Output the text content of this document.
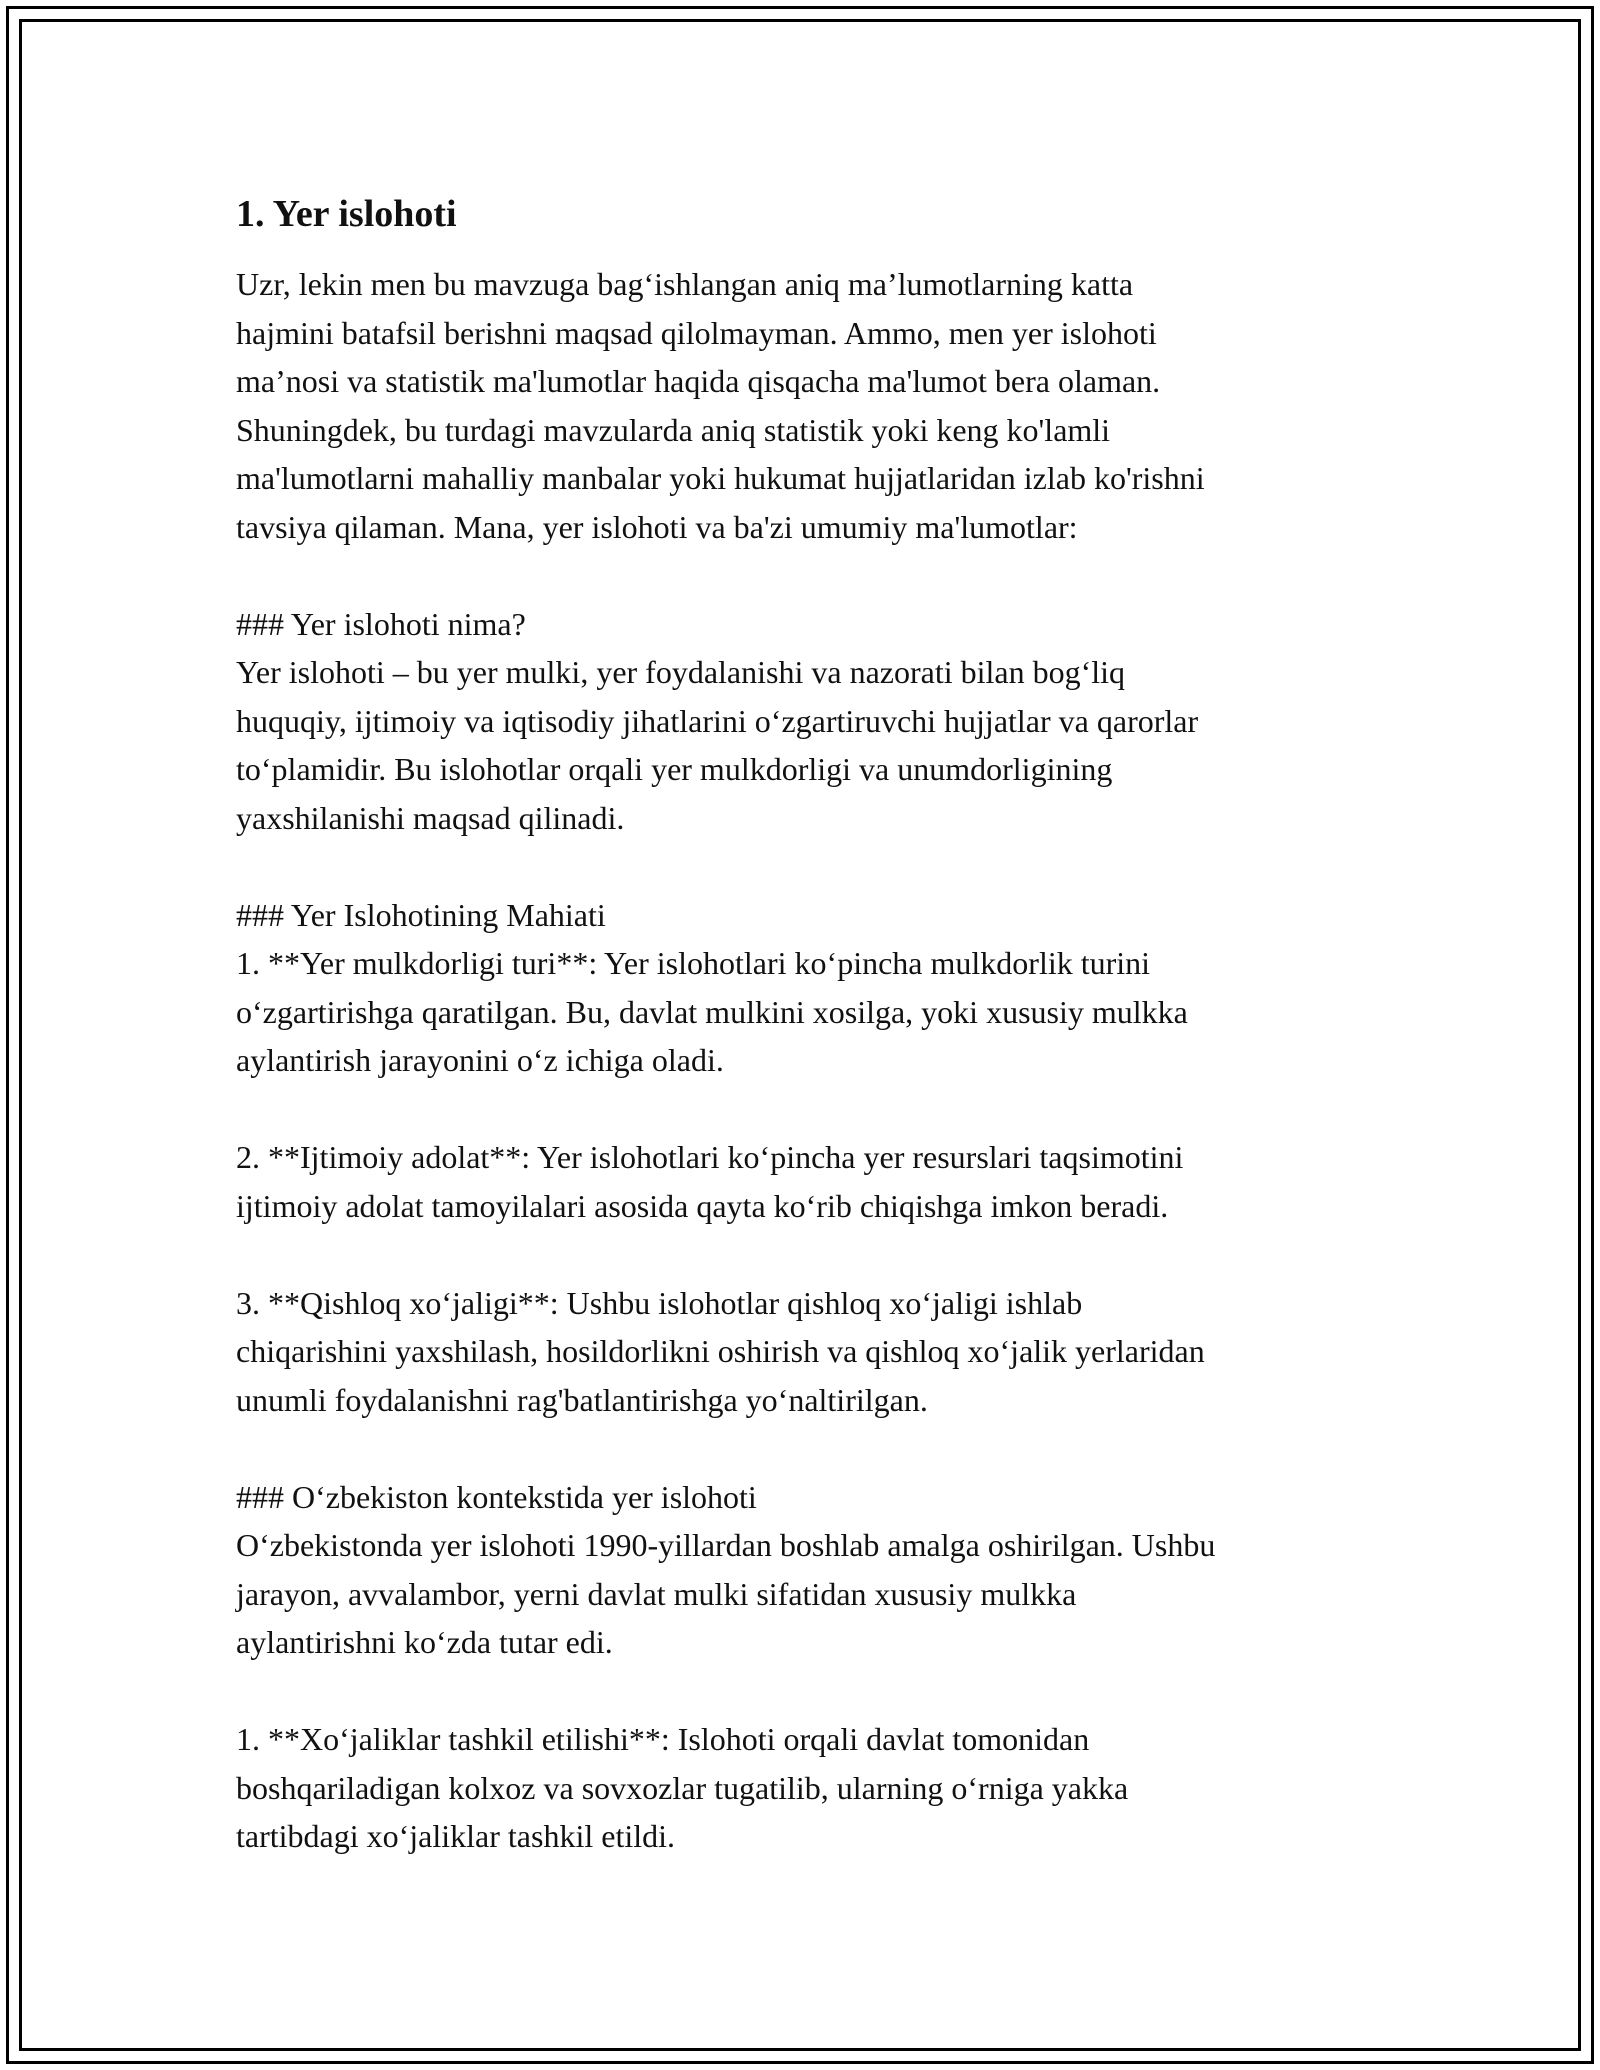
1. Yer islohoti

Uzr, lekin men bu mavzuga bag‘ishlangan aniq ma’lumotlarning katta
hajmini batafsil berishni maqsad qilolmayman. Ammo, men yer islohoti
ma’nosi va statistik ma'lumotlar haqida qisqacha ma'lumot bera olaman.
Shuningdek, bu turdagi mavzularda aniq statistik yoki keng ko'lamli
ma'lumotlarni mahalliy manbalar yoki hukumat hujjatlaridan izlab ko'rishni
tavsiya qilaman. Mana, yer islohoti va ba'zi umumiy ma'lumotlar:
### Yer islohoti nima?
Yer islohoti – bu yer mulki, yer foydalanishi va nazorati bilan bog‘liq
huquqiy, ijtimoiy va iqtisodiy jihatlarini o‘zgartiruvchi hujjatlar va qarorlar
to‘plamidir. Bu islohotlar orqali yer mulkdorligi va unumdorligining
yaxshilanishi maqsad qilinadi.
### Yer Islohotining Mahiati
1. **Yer mulkdorligi turi**: Yer islohotlari ko‘pincha mulkdorlik turini
o‘zgartirishga qaratilgan. Bu, davlat mulkini xosilga, yoki xususiy mulkka
aylantirish jarayonini o‘z ichiga oladi.
2. **Ijtimoiy adolat**: Yer islohotlari ko‘pincha yer resurslari taqsimotini
ijtimoiy adolat tamoyilalari asosida qayta ko‘rib chiqishga imkon beradi.
3. **Qishloq xo‘jaligi**: Ushbu islohotlar qishloq xo‘jaligi ishlab
chiqarishini yaxshilash, hosildorlikni oshirish va qishloq xo‘jalik yerlaridan
unumli foydalanishni rag'batlantirishga yo‘naltirilgan.
### O‘zbekiston kontekstida yer islohoti
O‘zbekistonda yer islohoti 1990-yillardan boshlab amalga oshirilgan. Ushbu
jarayon, avvalambor, yerni davlat mulki sifatidan xususiy mulkka
aylantirishni ko‘zda tutar edi.
1. **Xo‘jaliklar tashkil etilishi**: Islohoti orqali davlat tomonidan
boshqariladigan kolxoz va sovxozlar tugatilib, ularning o‘rniga yakka
tartibdagi xo‘jaliklar tashkil etildi.
